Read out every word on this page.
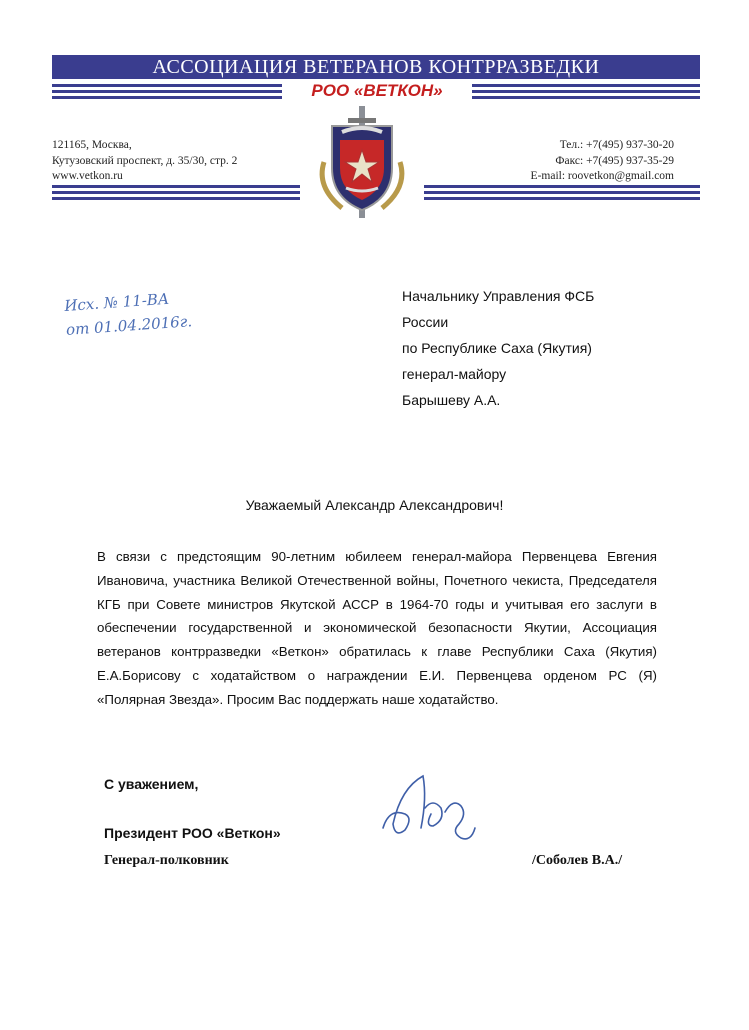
АССОЦИАЦИЯ ВЕТЕРАНОВ КОНТРРАЗВЕДКИ
РОО «ВЕТКОН»
121165, Москва,
Кутузовский проспект, д. 35/30, стр. 2
www.vetkon.ru
Тел.: +7(495) 937-30-20
Факс: +7(495) 937-35-29
E-mail: roovetkon@gmail.com
Исх. № 11-ВА
от 01.04.2016г.
Начальнику Управления ФСБ
России
по Республике Саха (Якутия)
генерал-майору
Барышеву А.А.
Уважаемый Александр Александрович!

В связи с предстоящим 90-летним юбилеем генерал-майора Первенцева Евгения Ивановича, участника Великой Отечественной войны, Почетного чекиста, Председателя КГБ при Совете министров Якутской АССР в 1964-70 годы и учитывая его заслуги в обеспечении государственной и экономической безопасности Якутии, Ассоциация ветеранов контрразведки «Веткон» обратилась к главе Республики Саха (Якутия) Е.А.Борисову с ходатайством о награждении Е.И. Первенцева орденом РС (Я) «Полярная Звезда». Просим Вас поддержать наше ходатайство.

С уважением,
Президент РОО «Веткон»
Генерал-полковник	/Соболев В.А./
